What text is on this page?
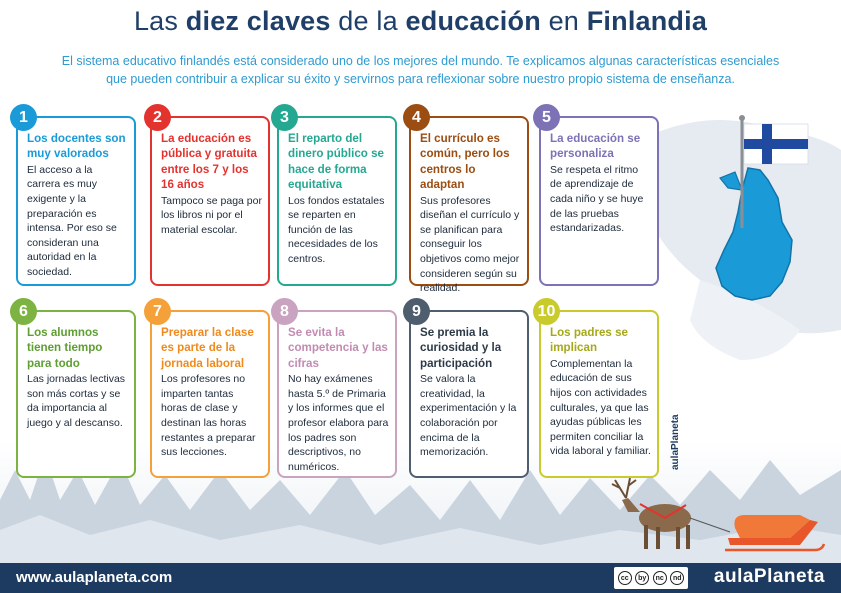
Las diez claves de la educación en Finlandia
El sistema educativo finlandés está considerado uno de los mejores del mundo. Te explicamos algunas características esenciales
que pueden contribuir a explicar su éxito y servirnos para reflexionar sobre nuestro propio sistema de enseñanza.
1
Los docentes son muy valorados
El acceso a la carrera es muy exigente y la preparación es intensa. Por eso se consideran una autoridad en la sociedad.
2
La educación es pública y gratuita entre los 7 y los 16 años
Tampoco se paga por los libros ni por el material escolar.
3
El reparto del dinero público se hace de forma equitativa
Los fondos estatales se reparten en función de las necesidades de los centros.
4
El currículo es común, pero los centros lo adaptan
Sus profesores diseñan el currículo y se planifican para conseguir los objetivos como mejor consideren según su realidad.
5
La educación se personaliza
Se respeta el ritmo de aprendizaje de cada niño y se huye de las pruebas estandarizadas.
6
Los alumnos tienen tiempo para todo
Las jornadas lectivas son más cortas y se da importancia al juego y al descanso.
7
Preparar la clase es parte de la jornada laboral
Los profesores no imparten tantas horas de clase y destinan las horas restantes a preparar sus lecciones.
8
Se evita la competencia y las cifras
No hay exámenes hasta 5.º de Primaria y los informes que el profesor elabora para los padres son descriptivos, no numéricos.
9
Se premia la curiosidad y la participación
Se valora la creatividad, la experimentación y la colaboración por encima de la memorización.
10
Los padres se implican
Complementan la educación de sus hijos con actividades culturales, ya que las ayudas públicas les permiten conciliar la vida laboral y familiar. aulaPlaneta
www.aulaplaneta.com	cc	by	nc	nd aulaPlaneta
